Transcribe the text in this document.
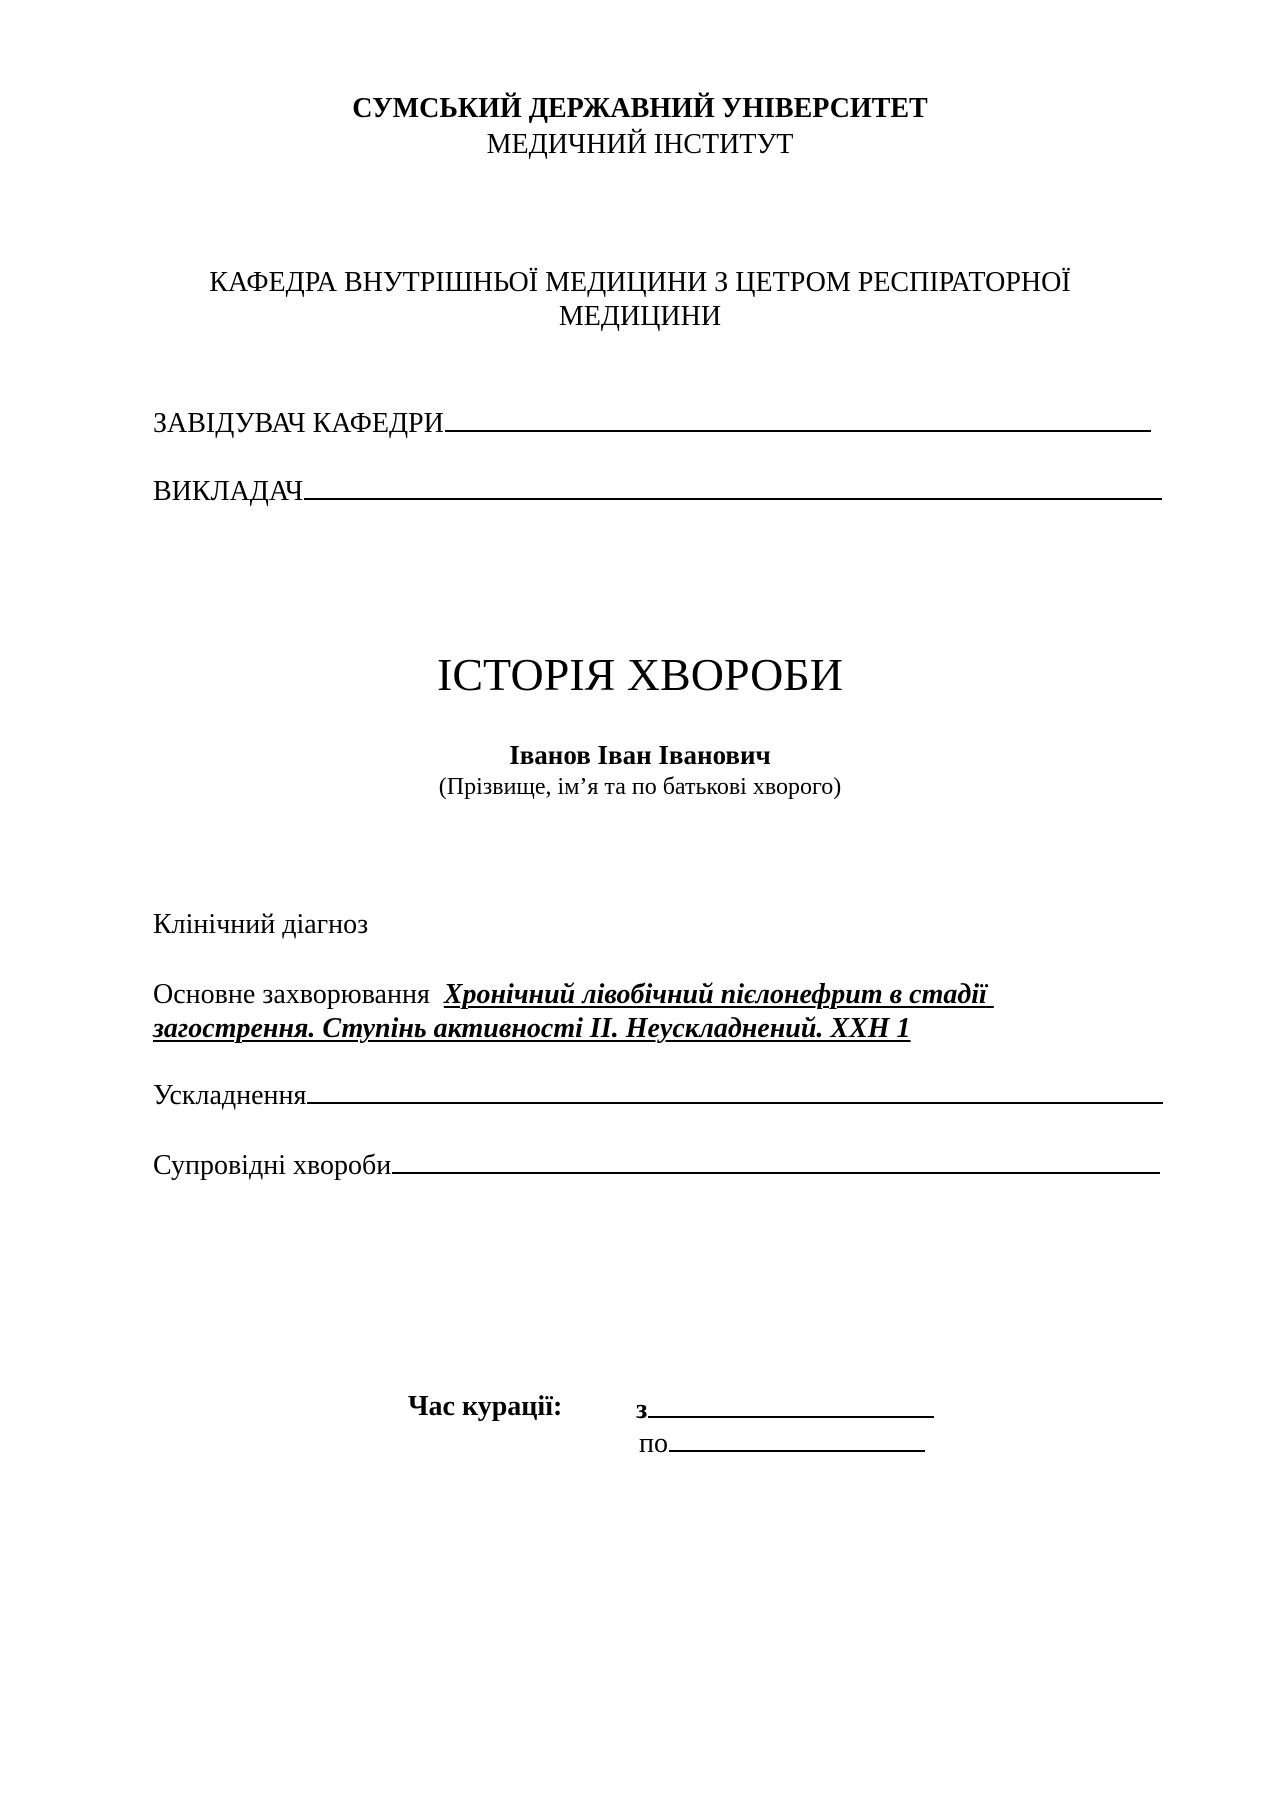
СУМСЬКИЙ ДЕРЖАВНИЙ УНІВЕРСИТЕТ
МЕДИЧНИЙ ІНСТИТУТ
КАФЕДРА ВНУТРІШНЬОЇ МЕДИЦИНИ З ЦЕТРОМ РЕСПІРАТОРНОЇ
МЕДИЦИНИ
ЗАВІДУВАЧ КАФЕДРИ
ВИКЛАДАЧ
ІСТОРІЯ ХВОРОБИ
Іванов Іван Іванович
(Прізвище, ім’я та по батькові хворого)
Клінічний діагноз
Основне захворювання Хронічний лівобічний пієлонефрит в стадії
загострення. Ступінь активності ІІ. Неускладнений. ХХН 1
Ускладнення
Супровідні хвороби
Час курації:	з
по
